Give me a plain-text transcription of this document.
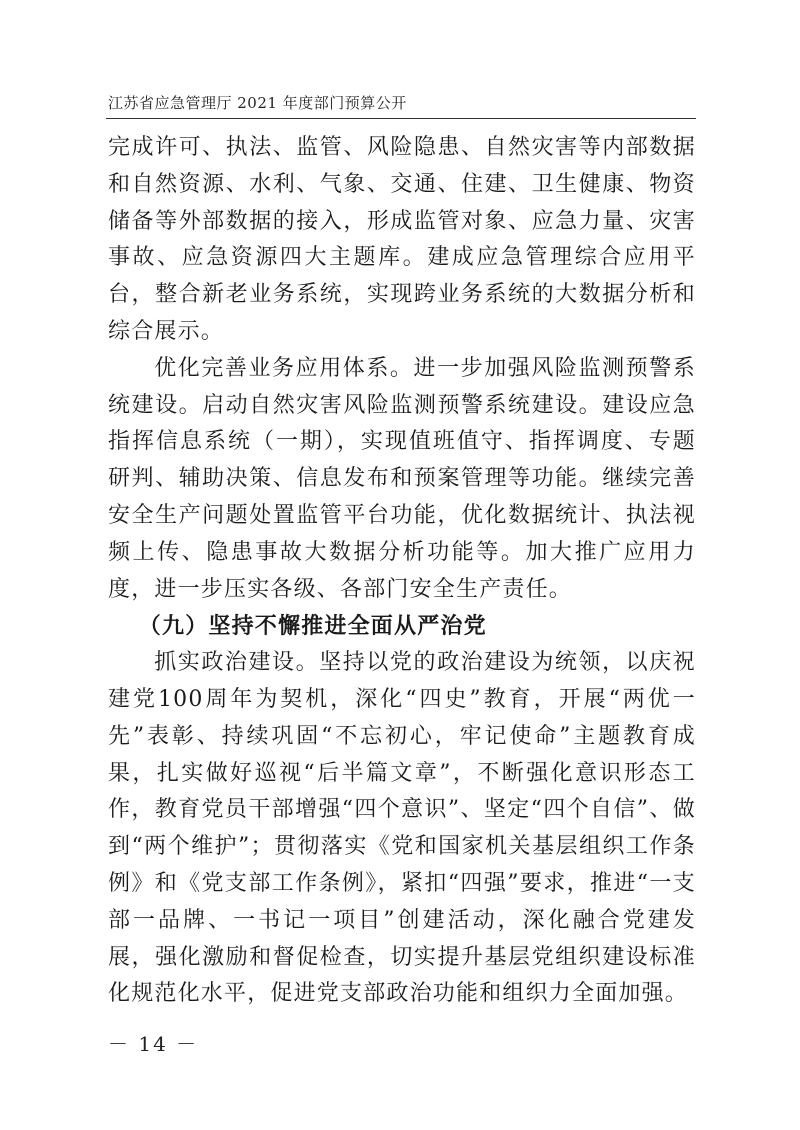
江苏省应急管理厅 2021 年度部门预算公开

完成许可、执法、监管、风险隐患、自然灾害等内部数据和自然资源、水利、气象、交通、住建、卫生健康、物资储备等外部数据的接入，形成监管对象、应急力量、灾害事故、应急资源四大主题库。建成应急管理综合应用平台，整合新老业务系统，实现跨业务系统的大数据分析和综合展示。

优化完善业务应用体系。进一步加强风险监测预警系统建设。启动自然灾害风险监测预警系统建设。建设应急指挥信息系统（一期），实现值班值守、指挥调度、专题研判、辅助决策、信息发布和预案管理等功能。继续完善安全生产问题处置监管平台功能，优化数据统计、执法视频上传、隐患事故大数据分析功能等。加大推广应用力度，进一步压实各级、各部门安全生产责任。

（九）坚持不懈推进全面从严治党

抓实政治建设。坚持以党的政治建设为统领，以庆祝建党100周年为契机，深化“四史”教育，开展“两优一先”表彰、持续巩固“不忘初心，牢记使命”主题教育成果，扎实做好巡视“后半篇文章”，不断强化意识形态工作，教育党员干部增强“四个意识”、坚定“四个自信”、做到“两个维护”；贯彻落实《党和国家机关基层组织工作条例》和《党支部工作条例》，紧扣“四强”要求，推进“一支部一品牌、一书记一项目”创建活动，深化融合党建发展，强化激励和督促检查，切实提升基层党组织建设标准化规范化水平，促进党支部政治功能和组织力全面加强。

－ 14 －
